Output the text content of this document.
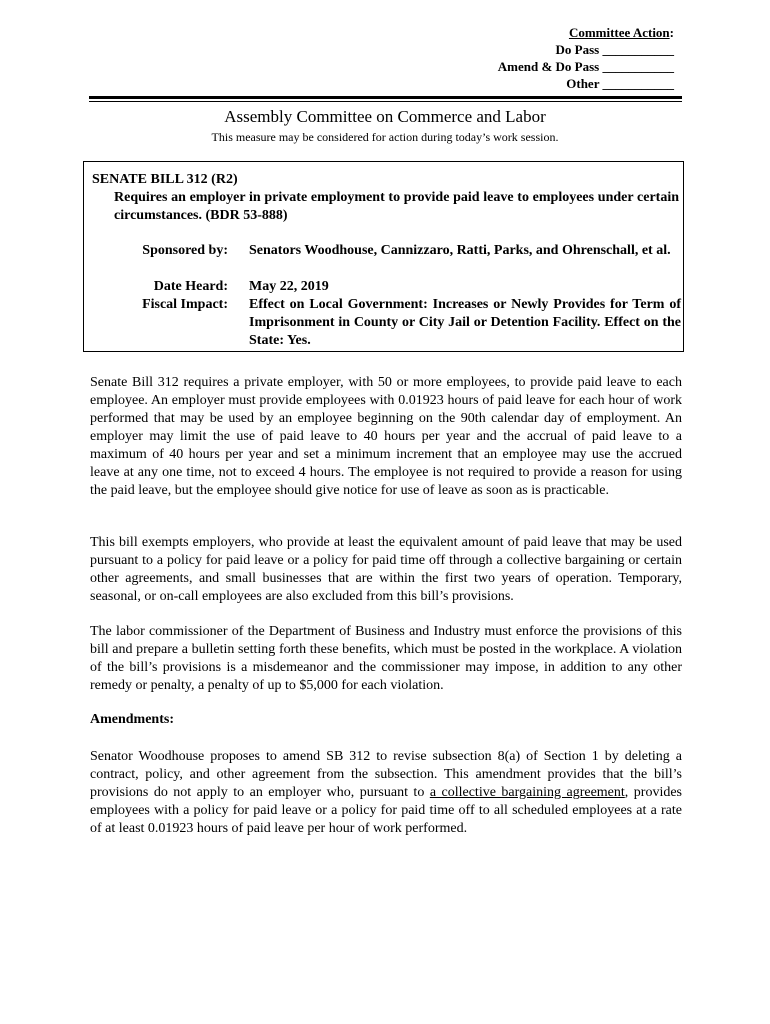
Committee Action:
Do Pass ___________
Amend & Do Pass ___________
Other ___________
Assembly Committee on Commerce and Labor
This measure may be considered for action during today’s work session.
SENATE BILL 312 (R2)
Requires an employer in private employment to provide paid leave to employees under certain circumstances. (BDR 53-888)
Sponsored by: Senators Woodhouse, Cannizzaro, Ratti, Parks, and Ohrenschall, et al.
Date Heard: May 22, 2019
Fiscal Impact: Effect on Local Government: Increases or Newly Provides for Term of Imprisonment in County or City Jail or Detention Facility. Effect on the State: Yes.

Senate Bill 312 requires a private employer, with 50 or more employees, to provide paid leave to each employee. An employer must provide employees with 0.01923 hours of paid leave for each hour of work performed that may be used by an employee beginning on the 90th calendar day of employment. An employer may limit the use of paid leave to 40 hours per year and the accrual of paid leave to a maximum of 40 hours per year and set a minimum increment that an employee may use the accrued leave at any one time, not to exceed 4 hours. The employee is not required to provide a reason for using the paid leave, but the employee should give notice for use of leave as soon as is practicable.

This bill exempts employers, who provide at least the equivalent amount of paid leave that may be used pursuant to a policy for paid leave or a policy for paid time off through a collective bargaining or certain other agreements, and small businesses that are within the first two years of operation. Temporary, seasonal, or on-call employees are also excluded from this bill’s provisions.

The labor commissioner of the Department of Business and Industry must enforce the provisions of this bill and prepare a bulletin setting forth these benefits, which must be posted in the workplace. A violation of the bill’s provisions is a misdemeanor and the commissioner may impose, in addition to any other remedy or penalty, a penalty of up to $5,000 for each violation.

Amendments:

Senator Woodhouse proposes to amend SB 312 to revise subsection 8(a) of Section 1 by deleting a contract, policy, and other agreement from the subsection. This amendment provides that the bill’s provisions do not apply to an employer who, pursuant to a collective bargaining agreement, provides employees with a policy for paid leave or a policy for paid time off to all scheduled employees at a rate of at least 0.01923 hours of paid leave per hour of work performed.
